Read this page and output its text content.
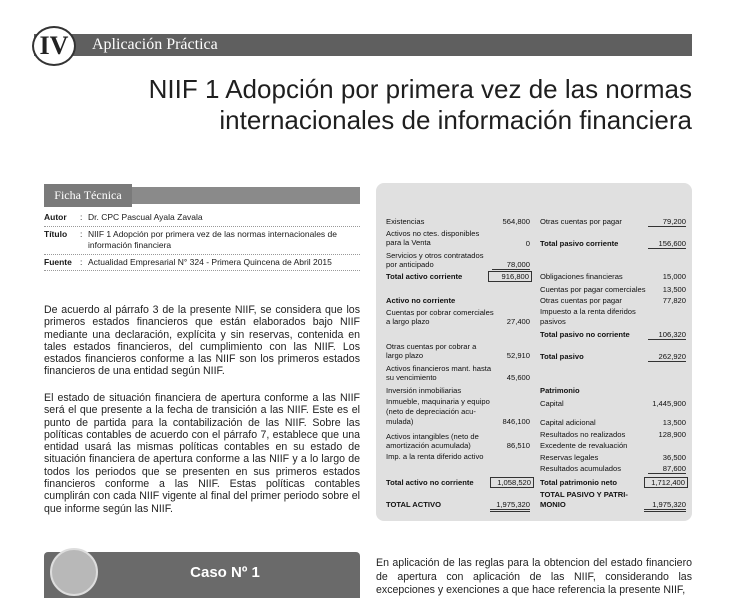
Aplicación Práctica
IV
NIIF 1 Adopción por primera vez de las normas
internacionales de información financiera
Ficha Técnica
Autor	: Dr. CPC Pascual Ayala Zavala
Título	: NIIF 1 Adopción por primera vez de las normas internacionales de información financiera
Fuente : Actualidad Empresarial N° 324 - Primera Quincena de Abril 2015

De acuerdo al párrafo 3 de la presente NIIF, se considera que los primeros estados financieros que están elaborados bajo NIIF mediante una declaración, explícita y sin reservas, contenida en tales estados financieros, del cumplimiento con las NIIF. Los estados financieros conforme a las NIIF son los primeros estados financieros de una entidad según NIIF.

El estado de situación financiera de apertura conforme a las NIIF será el que presente a la fecha de transición a las NIIF. Este es el punto de partida para la contabilización de las NIIF. Sobre las políticas contables de acuerdo con el párrafo 7, establece que una entidad usará las mismas políticas contables en su estado de situación financiera de apertura conforme a las NIIF y a lo largo de todos los periodos que se presenten en sus primeros estados financieros conforme a las NIIF. Estas políticas contables cumplirán con cada NIIF vigente al final del primer periodo sobre el que informe según las NIIF.

Caso Nº 1
Existencias	564,800
Activos no ctes. disponibles
para la Venta	0
Servicios y otros contratados
por anticipado	78,000
Total activo corriente	916,800
Activo no corriente
Cuentas por cobrar comerciales
a largo plazo	27,400
Otras cuentas por cobrar a
largo plazo	52,910
Activos financieros mant. hasta
su vencimiento	45,600
Inversión inmobiliarias
Inmueble, maquinaria y equipo
(neto de depreciación acu-
mulada)	846,100
Activos intangibles (neto de
amortización acumulada)	86,510
Imp. a la renta diferido activo
Total activo no corriente	1,058,520
TOTAL ACTIVO	1,975,320
Otras cuentas por pagar	79,200
Total pasivo corriente	156,600
Obligaciones financieras	15,000
Cuentas por pagar comerciales	13,500
Otras cuentas por pagar	77,820
Impuesto a la renta diferidos
pasivos
Total pasivo no corriente	106,320
Total pasivo	262,920
Patrimonio
Capital	1,445,900
Capital adicional	13,500
Resultados no realizados	128,900
Excedente de revaluación
Reservas legales	36,500
Resultados acumulados	87,600
Total patrimonio neto	1,712,400
TOTAL PASIVO Y PATRI-
MONIO	1,975,320

En aplicación de las reglas para la obtencion del estado financiero de apertura con aplicación de las NIIF, considerando las excepciones y exenciones a que hace referencia la presente NIIF,
